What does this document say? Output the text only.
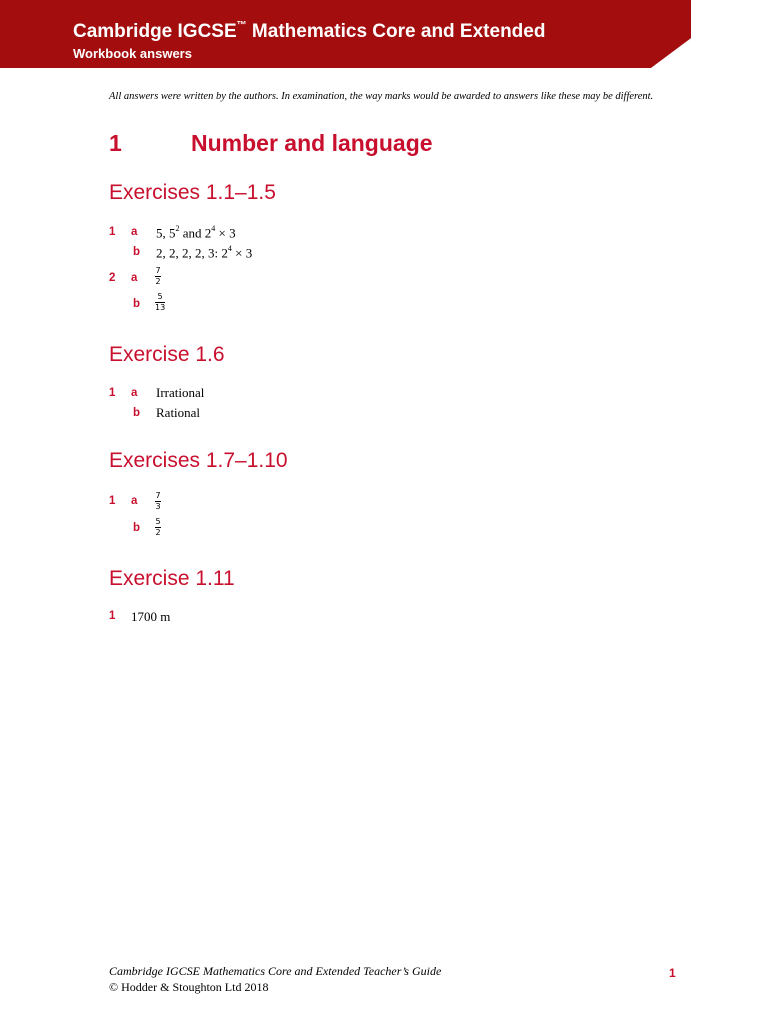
Cambridge IGCSE™ Mathematics Core and Extended
Workbook answers
All answers were written by the authors. In examination, the way marks would be awarded to answers like these may be different.
1	Number and language
Exercises 1.1–1.5
1 a 5, $5^2$ and $2^4 \times 3$
b 2, 2, 2, 2, 3: $2^4 \times 3$
2 a
7
2
b
5
13
Exercise 1.6
1 a Irrational
b Rational
Exercises 1.7–1.10
1 a 7
3
b
5
2
Exercise 1.11
1 1700 m
Cambridge IGCSE Mathematics Core and Extended Teacher’s Guide
© Hodder & Stoughton Ltd 2018
1
